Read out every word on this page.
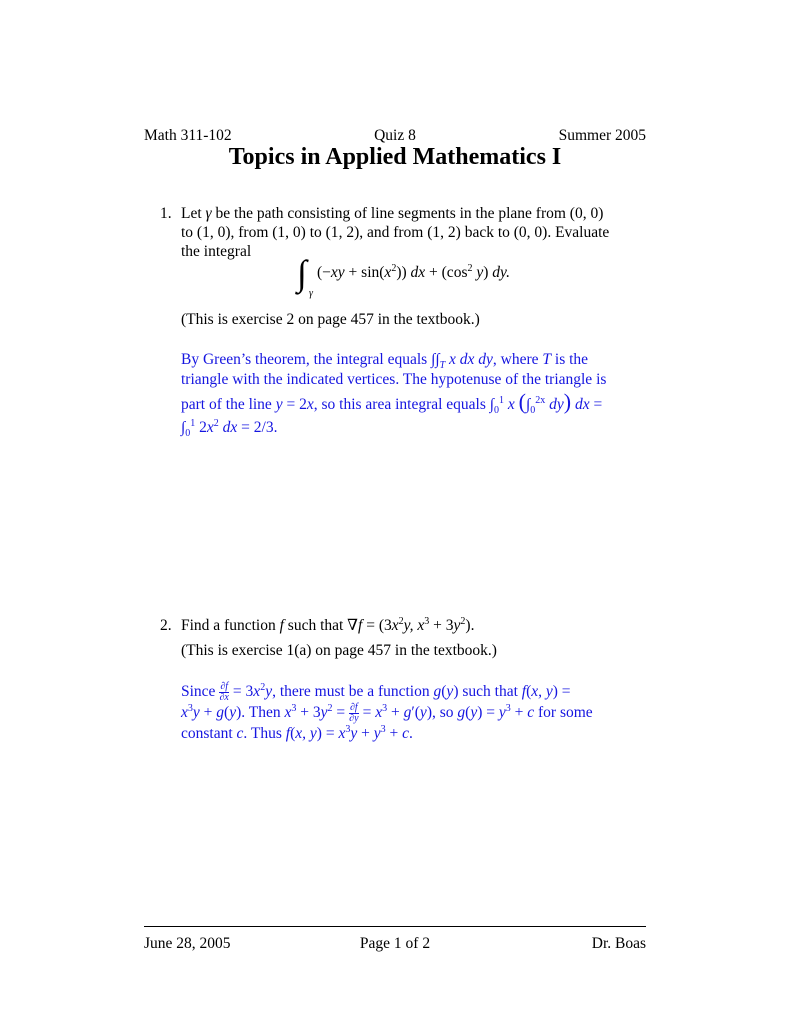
Math 311-102	Quiz 8	Summer 2005
Topics in Applied Mathematics I
1. Let γ be the path consisting of line segments in the plane from (0, 0)
to (1, 0), from (1, 0) to (1, 2), and from (1, 2) back to (0, 0). Evaluate
the integral
∫
γ
$(-xy + \sin(x^2))$ dx + ($\cos^2$ y) dy.
(This is exercise 2 on page 457 in the textbook.)
By Green’s theorem, the integral equals $\int\int_T$ x dx dy, where T is the
triangle with the indicated vertices. The hypotenuse of the triangle is
part of the line y = 2x, so this area integral equals $\int_0^1$ x ($\int_0^{2x}$ dy) dx =
$\int_0^1$ $2x^2$ dx = 2/3.
2. Find a function f such that $\nabla f = (3x^2y$, $x^3 + 3y^2$).
(This is exercise 1(a) on page 457 in the textbook.)
Since $\frac{\partial f}{\partial x} = 3x^2y$, there must be a function g(y) such that f(x, y) =
$x^3y + g(y)$. Then $x^3 + 3y^2 = \frac{\partial f}{\partial y} = x^3 + g'(y)$, so $g(y) = y^3 + c$ for some
constant c. Thus f(x, $y) = x^3y + y^3 + c$.
June 28, 2005	Page 1 of 2	Dr. Boas
